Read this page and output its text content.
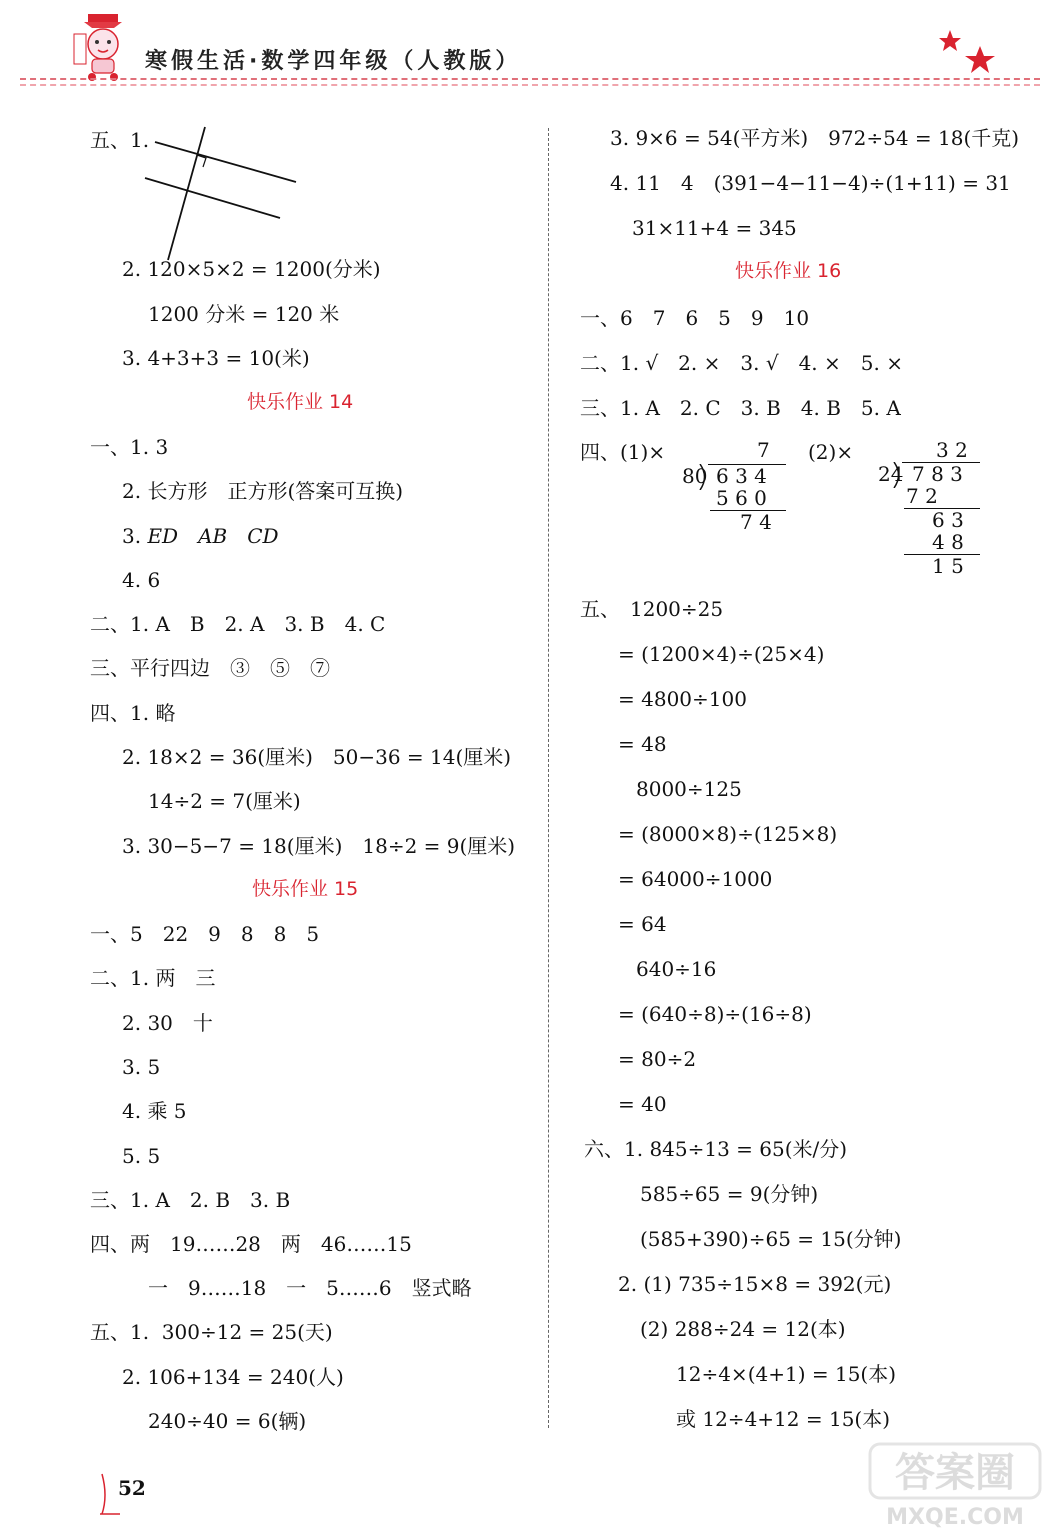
寒假生活·数学四年级（人教版）
五、1.
2. 120×5×2 = 1200(分米)
1200 分米 = 120 米
3. 4+3+3 = 10(米)
快乐作业 14
一、1. 3
2. 长方形　正方形(答案可互换)
3. ED　AB　CD
4. 6
二、1. A　B　2. A　3. B　4. C
三、平行四边　③　⑤　⑦
四、1. 略
2. 18×2 = 36(厘米)　50−36 = 14(厘米)
14÷2 = 7(厘米)
3. 30−5−7 = 18(厘米)　18÷2 = 9(厘米)
快乐作业 15
一、5　22　9　8　8　5
二、1. 两　三
2. 30　十
3. 5
4. 乘 5
5. 5
三、1. A　2. B　3. B
四、两　19……28　两　46……15
一　9……18　一　5……6　竖式略
五、1.  300÷12 = 25(天)
2. 106+134 = 240(人)
240÷40 = 6(辆)
3. 9×6 = 54(平方米)　972÷54 = 18(千克)
4. 11　4　(391−4−11−4)÷(1+11) = 31
31×11+4 = 345
快乐作业 16
一、6　7　6　5　9　10
二、1. √　2. ×　3. √　4. ×　5. ×
三、1. A　2. C　3. B　4. B　5. A
四、(1)×	7
80 6 3 4
5 6 0
7 4
(2)×	3 2
24 7 8 3
7 2
6 3
4 8
1 5
五、　1200÷25
= (1200×4)÷(25×4)
= 4800÷100
= 48
8000÷125
= (8000×8)÷(125×8)
= 64000÷1000
= 64
640÷16
= (640÷8)÷(16÷8)
= 80÷2
= 40
六、1. 845÷13 = 65(米/分)
585÷65 = 9(分钟)
(585+390)÷65 = 15(分钟)
2. (1) 735÷15×8 = 392(元)
(2) 288÷24 = 12(本)
12÷4×(4+1) = 15(本)
或 12÷4+12 = 15(本)
52	答案圈
MXQE.COM
